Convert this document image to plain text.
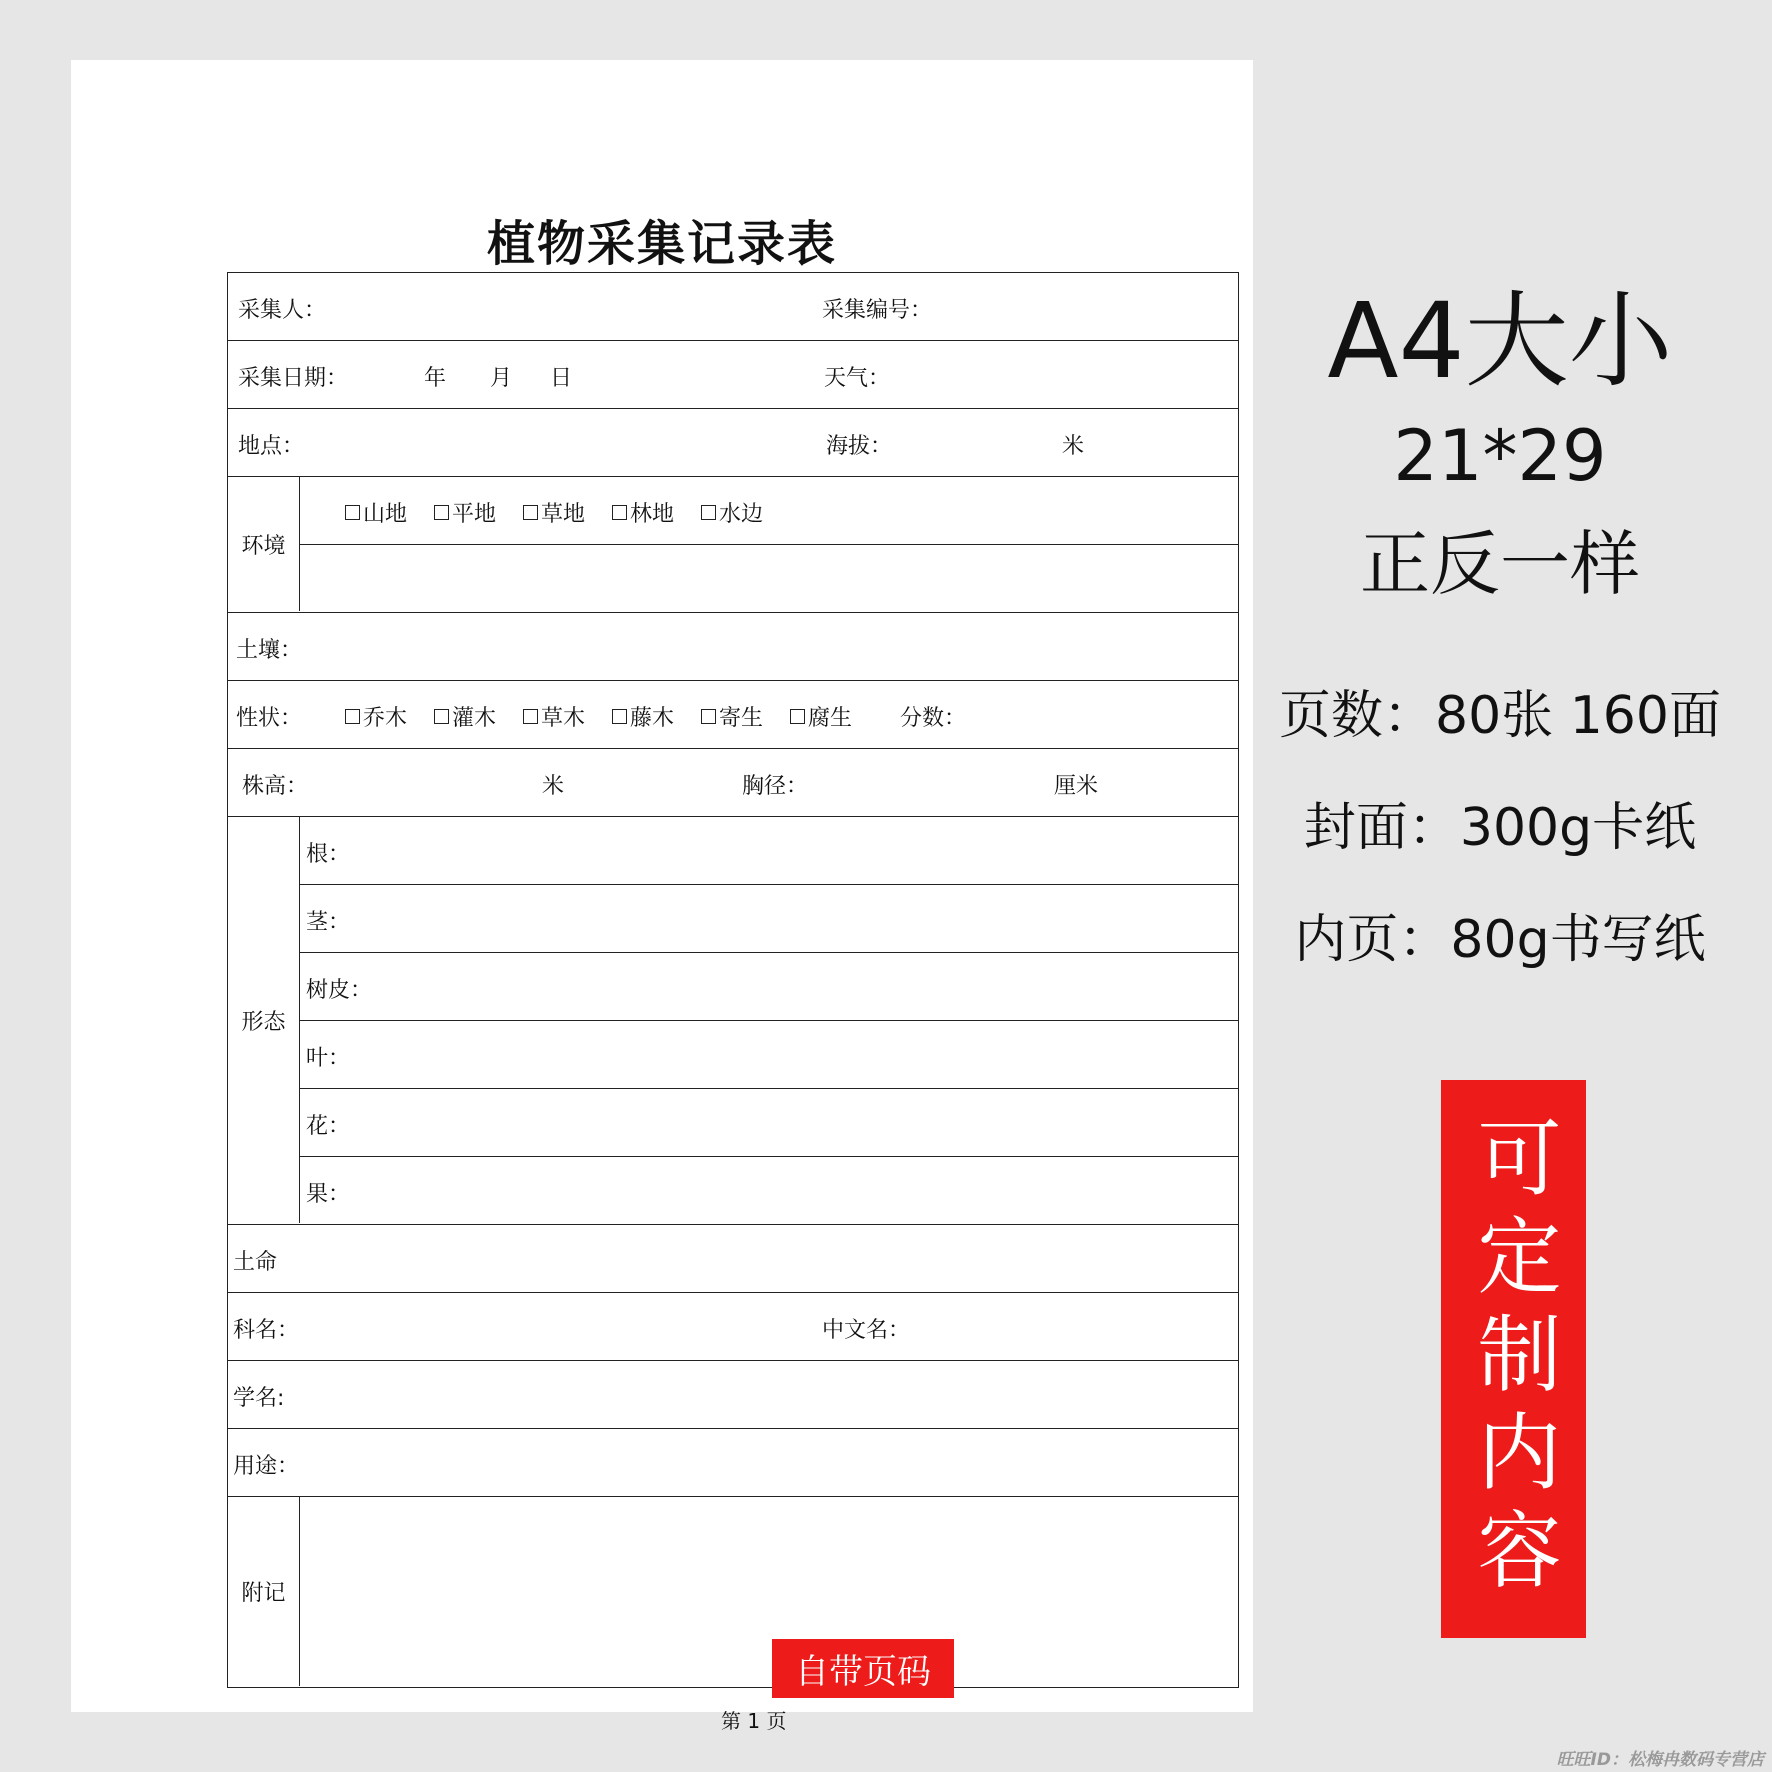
植物采集记录表
采集人：	采集编号：
采集日期：	年 月 日	天气：
地点：	海拔：	米
环境
山地 平地 草地 林地 水边
土壤：
性状：	乔木 灌木 草木 藤木 寄生 腐生 分数：
株高：	米	胸径：	厘米
形态
根：
茎：
树皮：
叶：
花：
果：
土命
科名：	中文名：
学名:
用途：
附记
第 1 页
自带页码
A4大小
21*29
正反一样
页数：80张 160面
封面：300g卡纸
内页：80g书写纸
可定制内容
旺旺ID：松梅冉数码专营店
